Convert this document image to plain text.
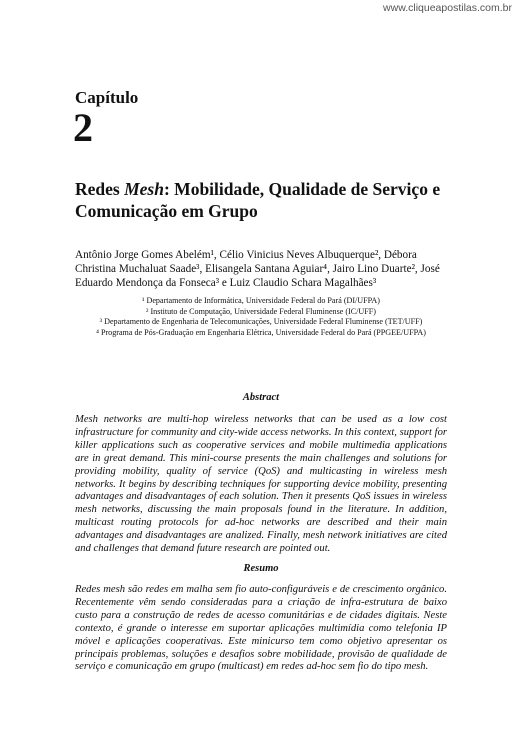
www.cliqueapostilas.com.br
Capítulo
2
Redes Mesh: Mobilidade, Qualidade de Serviço e Comunicação em Grupo
Antônio Jorge Gomes Abelém¹, Célio Vinicius Neves Albuquerque², Débora Christina Muchaluat Saade³, Elisangela Santana Aguiar⁴, Jairo Lino Duarte², José Eduardo Mendonça da Fonseca³ e Luiz Claudio Schara Magalhães³
¹ Departamento de Informática, Universidade Federal do Pará (DI/UFPA)
² Instituto de Computação, Universidade Federal Fluminense (IC/UFF)
³ Departamento de Engenharia de Telecomunicações, Universidade Federal Fluminense (TET/UFF)
⁴ Programa de Pós-Graduação em Engenharia Elétrica, Universidade Federal do Pará (PPGEE/UFPA)
Abstract

Mesh networks are multi-hop wireless networks that can be used as a low cost infrastructure for community and city-wide access networks. In this context, support for killer applications such as cooperative services and mobile multimedia applications are in great demand. This mini-course presents the main challenges and solutions for providing mobility, quality of service (QoS) and multicasting in wireless mesh networks. It begins by describing techniques for supporting device mobility, presenting advantages and disadvantages of each solution. Then it presents QoS issues in wireless mesh networks, discussing the main proposals found in the literature. In addition, multicast routing protocols for ad-hoc networks are described and their main advantages and disadvantages are analized. Finally, mesh network initiatives are cited and challenges that demand future research are pointed out.

Resumo

Redes mesh são redes em malha sem fio auto-configuráveis e de crescimento orgânico. Recentemente vêm sendo consideradas para a criação de infra-estrutura de baixo custo para a construção de redes de acesso comunitárias e de cidades digitais. Neste contexto, é grande o interesse em suportar aplicações multimídia como telefonia IP móvel e aplicações cooperativas. Este minicurso tem como objetivo apresentar os principais problemas, soluções e desafios sobre mobilidade, provisão de qualidade de serviço e comunicação em grupo (multicast) em redes ad-hoc sem fio do tipo mesh.
